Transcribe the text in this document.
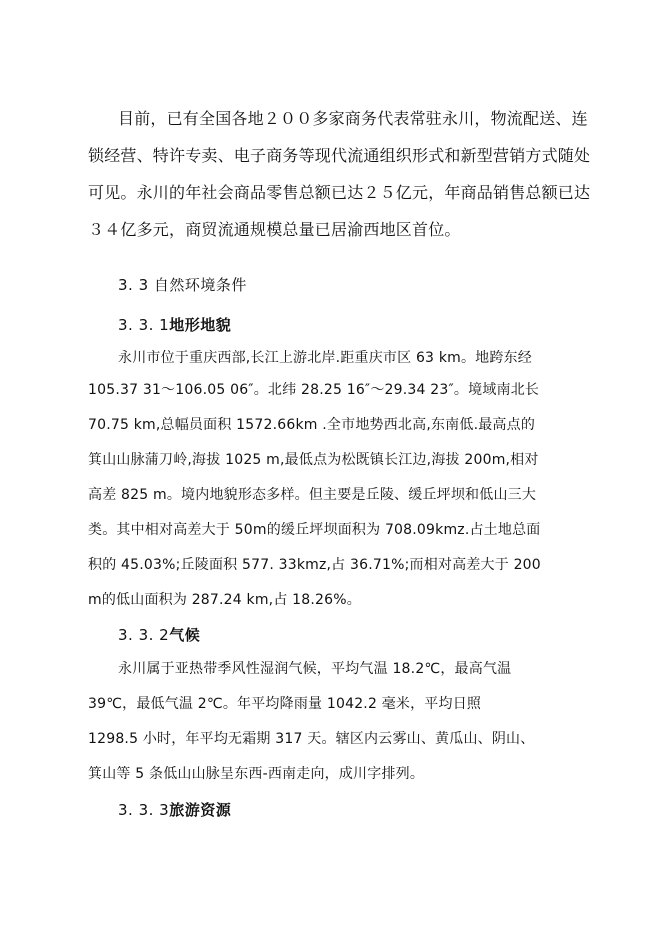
目前，已有全国各地２００多家商务代表常驻永川，物流配送、连
锁经营、特许专卖、电子商务等现代流通组织形式和新型营销方式随处
可见。永川的年社会商品零售总额已达２５亿元，年商品销售总额已达
３４亿多元，商贸流通规模总量已居渝西地区首位。
3. 3 自然环境条件
3. 3. 1地形地貌
永川市位于重庆西部,长江上游北岸.距重庆市区 63 km。地跨东经
105.37 31～106.05 06″。北纬 28.25 16″～29.34 23″。境域南北长
70.75 km,总幅员面积 1572.66km .全市地势西北高,东南低.最高点的
箕山山脉蒲刀岭,海拔 1025 m,最低点为松既镇长江边,海拔 200m,相对
高差 825 m。境内地貌形态多样。但主要是丘陵、缓丘坪坝和低山三大
类。其中相对高差大于 50m的缓丘坪坝面积为 708.09kmz.占土地总面
积的 45.03%;丘陵面积 577. 33kmz,占 36.71%;而相对高差大于 200
m的低山面积为 287.24 km,占 18.26%。
3. 3. 2气候
永川属于亚热带季风性湿润气候，平均气温 18.2℃，最高气温
39℃，最低气温 2℃。年平均降雨量 1042.2 毫米，平均日照
1298.5 小时，年平均无霜期 317 天。辖区内云雾山、黄瓜山、阴山、
箕山等 5 条低山山脉呈东西-西南走向，成川字排列。
3. 3. 3旅游资源
